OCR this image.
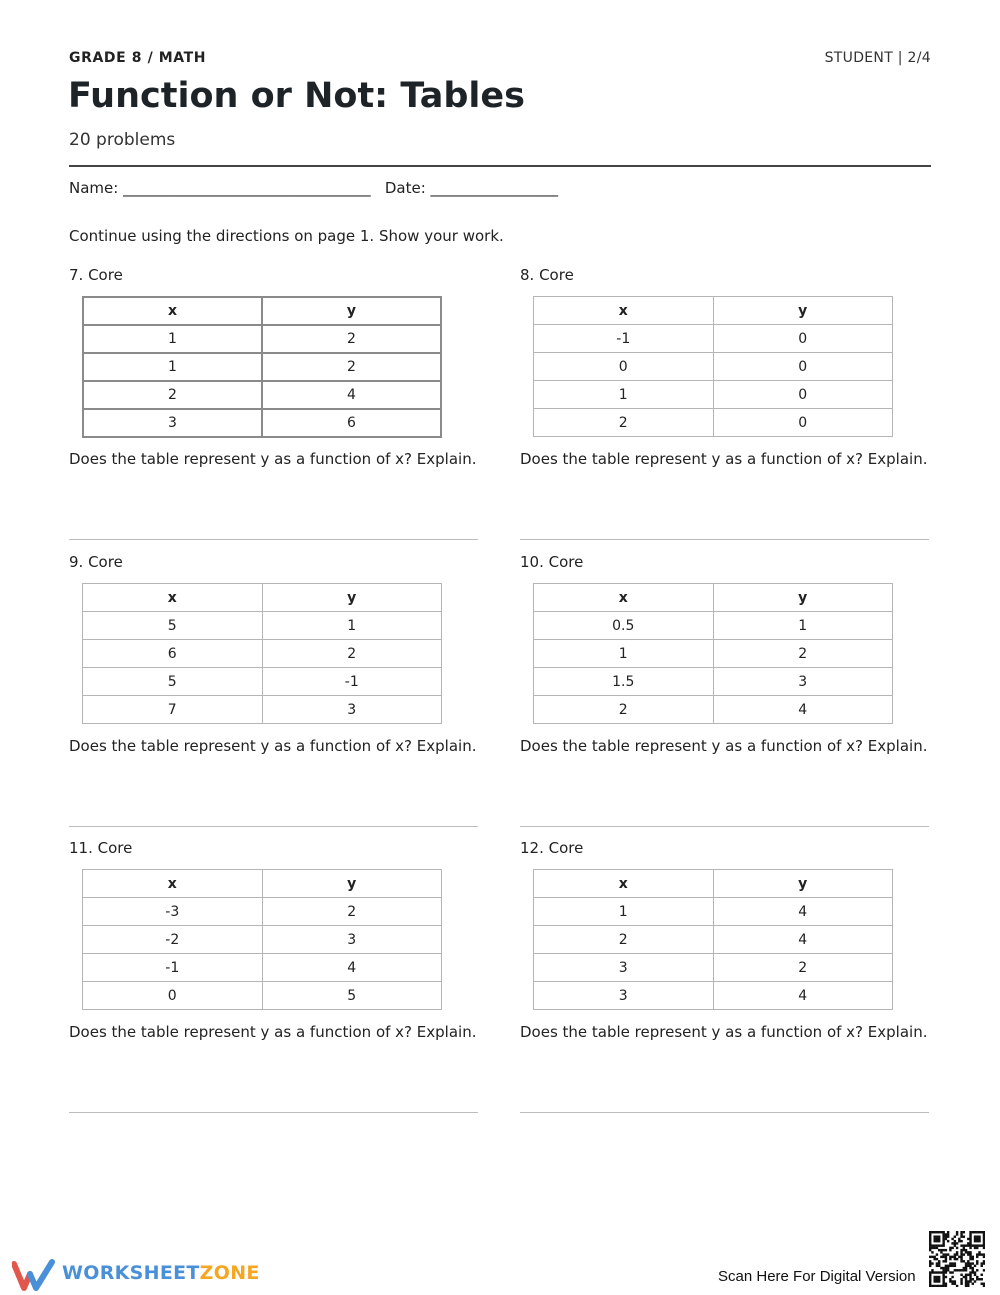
GRADE 8 / MATH	STUDENT | 2/4
Function or Not: Tables
20 problems
Name: _________________________________   Date: _________________
Continue using the directions on page 1. Show your work.
7. Core
x	y
1	2
1	2
2	4
3	6
Does the table represent y as a function of x? Explain.
8. Core
x	y
-1	0
0	0
1	0
2	0
Does the table represent y as a function of x? Explain.
9. Core
x	y
5	1
6	2
5	-1
7	3
Does the table represent y as a function of x? Explain.
10. Core
x	y
0.5	1
1	2
1.5	3
2	4
Does the table represent y as a function of x? Explain.
11. Core
x	y
-3	2
-2	3
-1	4
0	5
Does the table represent y as a function of x? Explain.
12. Core
x	y
1	4
2	4
3	2
3	4
Does the table represent y as a function of x? Explain.
WORKSHEETZONE	Scan Here For Digital Version
